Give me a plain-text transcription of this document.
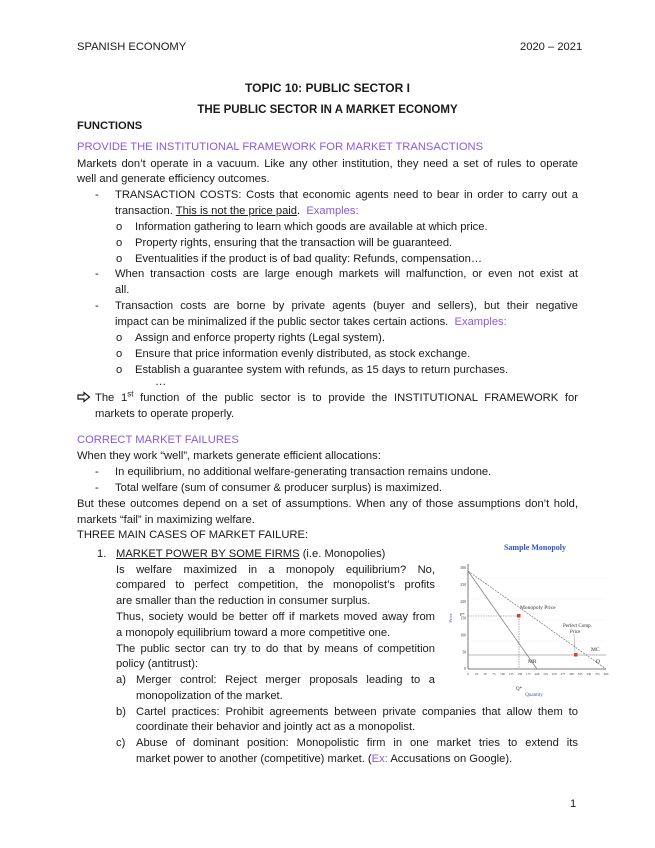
SPANISH ECONOMY	2020 – 2021
TOPIC 10: PUBLIC SECTOR I
THE PUBLIC SECTOR IN A MARKET ECONOMY
FUNCTIONS
PROVIDE THE INSTITUTIONAL FRAMEWORK FOR MARKET TRANSACTIONS
Markets don’t operate in a vacuum. Like any other institution, they need a set of rules to operate
well and generate efficiency outcomes.
- TRANSACTION COSTS: Costs that economic agents need to bear in order to carry out a
transaction. This is not the price paid. Examples:
o Information gathering to learn which goods are available at which price.
o Property rights, ensuring that the transaction will be guaranteed.
o Eventualities if the product is of bad quality: Refunds, compensation…
- When transaction costs are large enough markets will malfunction, or even not exist at
all.
- Transaction costs are borne by private agents (buyer and sellers), but their negative
impact can be minimalized if the public sector takes certain actions. Examples:
o Assign and enforce property rights (Legal system).
o Ensure that price information evenly distributed, as stock exchange.
o Establish a guarantee system with refunds, as 15 days to return purchases.
…
The 1st function of the public sector is to provide the INSTITUTIONAL FRAMEWORK for
markets to operate properly.
CORRECT MARKET FAILURES
When they work “well”, markets generate efficient allocations:
- In equilibrium, no additional welfare-generating transaction remains undone.
- Total welfare (sum of consumer & producer surplus) is maximized.
But these outcomes depend on a set of assumptions. When any of those assumptions don’t hold,
markets “fail” in maximizing welfare.
THREE MAIN CASES OF MARKET FAILURE:
1. MARKET POWER BY SOME FIRMS (i.e. Monopolies)
Is welfare maximized in a monopoly equilibrium? No,
compared to perfect competition, the monopolist’s profits
are smaller than the reduction in consumer surplus.
Thus, society would be better off if markets moved away from
a monopoly equilibrium toward a more competitive one.
The public sector can try to do that by means of competition
policy (antitrust):
a) Merger control: Reject merger proposals leading to a
monopolization of the market.
b) Cartel practices: Prohibit agreements between private companies that allow them to
coordinate their behavior and jointly act as a monopolist.
c) Abuse of dominant position: Monopolistic firm in one market tries to extend its
market power to another (competitive) market. (Ex: Accusations on Google).
Sample Monopoly
Price
300
250
200
150
100
50
0
0 25 50 75 100 125 150 175 200 225 250 275 300 325 350 375 400
Monopoly Price
Perfect Comp.
Price
MC
D
MR
Q*
P*
Quantity
1
